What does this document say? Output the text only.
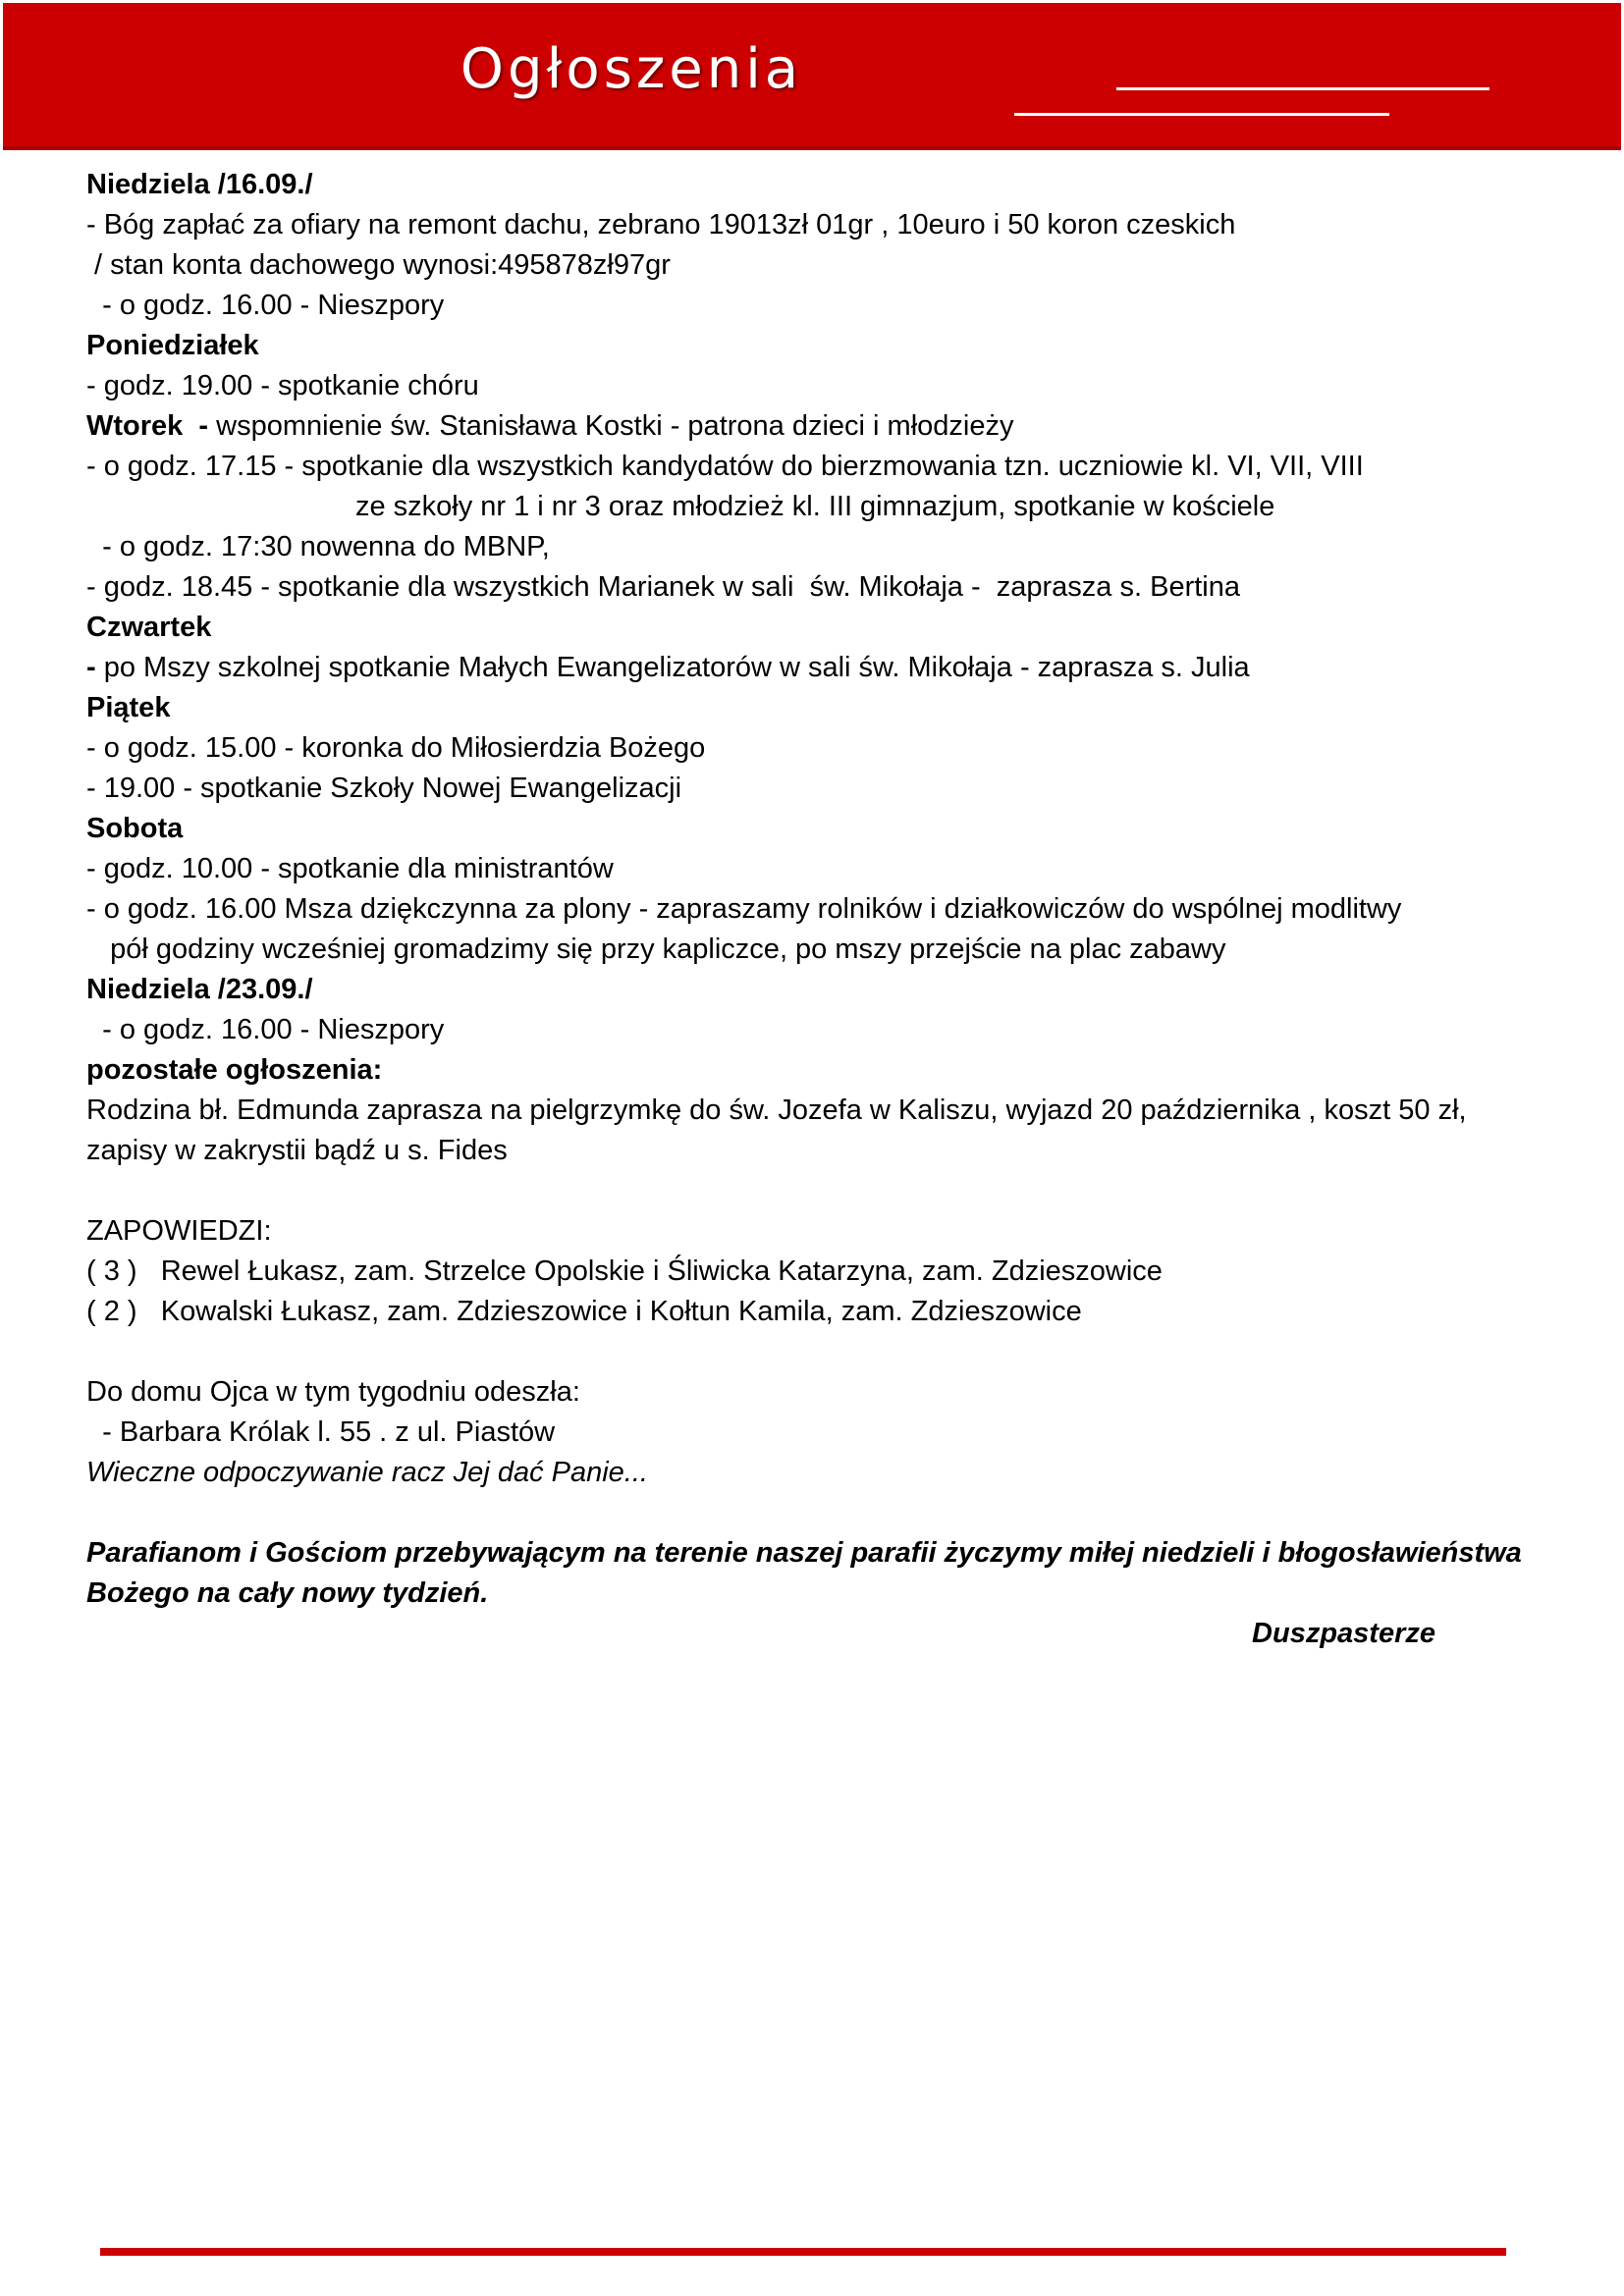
Ogłoszenia
Niedziela /16.09./
- Bóg zapłać za ofiary na remont dachu, zebrano 19013zł 01gr , 10euro i 50 koron czeskich
/ stan konta dachowego wynosi:495878zł97gr
- o godz. 16.00 - Nieszpory
Poniedziałek
- godz. 19.00 - spotkanie chóru
Wtorek  - wspomnienie św. Stanisława Kostki - patrona dzieci i młodzieży
- o godz. 17.15 - spotkanie dla wszystkich kandydatów do bierzmowania tzn. uczniowie kl. VI, VII, VIII
ze szkoły nr 1 i nr 3 oraz młodzież kl. III gimnazjum, spotkanie w kościele
- o godz. 17:30 nowenna do MBNP,
- godz. 18.45 - spotkanie dla wszystkich Marianek w sali  św. Mikołaja -  zaprasza s. Bertina
Czwartek
- po Mszy szkolnej spotkanie Małych Ewangelizatorów w sali św. Mikołaja - zaprasza s. Julia
Piątek
- o godz. 15.00 - koronka do Miłosierdzia Bożego
- 19.00 - spotkanie Szkoły Nowej Ewangelizacji
Sobota
- godz. 10.00 - spotkanie dla ministrantów
- o godz. 16.00 Msza dziękczynna za plony - zapraszamy rolników i działkowiczów do wspólnej modlitwy
pół godziny wcześniej gromadzimy się przy kapliczce, po mszy przejście na plac zabawy
Niedziela /23.09./
- o godz. 16.00 - Nieszpory
pozostałe ogłoszenia:
Rodzina bł. Edmunda zaprasza na pielgrzymkę do św. Jozefa w Kaliszu, wyjazd 20 października , koszt 50 zł, zapisy w zakrystii bądź u s. Fides
ZAPOWIEDZI:
( 3 )   Rewel Łukasz, zam. Strzelce Opolskie i Śliwicka Katarzyna, zam. Zdzieszowice
( 2 )   Kowalski Łukasz, zam. Zdzieszowice i Kołtun Kamila, zam. Zdzieszowice
Do domu Ojca w tym tygodniu odeszła:
- Barbara Królak l. 55 . z ul. Piastów
Wieczne odpoczywanie racz Jej dać Panie...
Parafianom i Gościom przebywającym na terenie naszej parafii życzymy miłej niedzieli i błogosławieństwa Bożego na cały nowy tydzień.
Duszpasterze
